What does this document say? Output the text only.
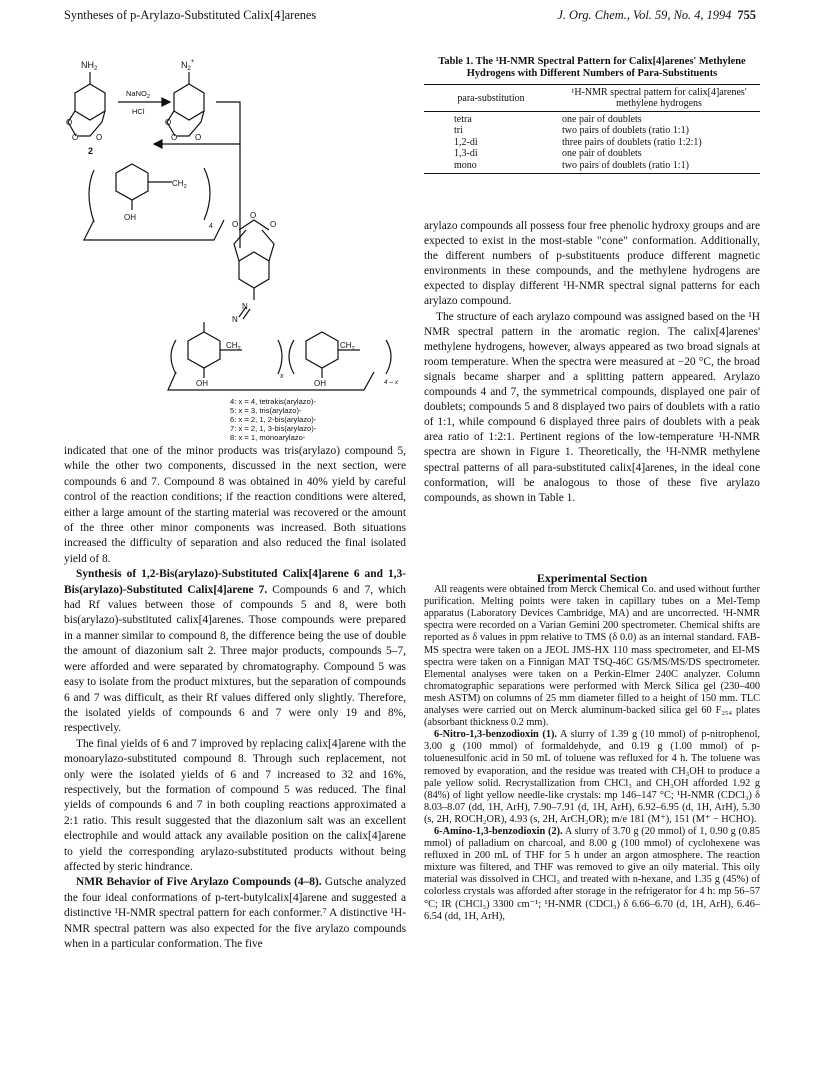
Syntheses of p-Arylazo-Substituted Calix[4]arenes	J. Org. Chem., Vol. 59, No. 4, 1994 755
$NH_2$	$N_2^+$
NaNO$_2$
HCl
O
O O
O
O O
2
$CH_2$
OH
4 O
O
O
N
N
$CH_2$	$CH_2$
OH	OH
x
4 – x
4: x = 4, tetrakis(arylazo)-
5: x = 3, tris(arylazo)-
6: x = 2, 1, 2-bis(arylazo)-
7: x = 2, 1, 3-bis(arylazo)-
8: x = 1, monoarylazo-
Table 1. The ¹H-NMR Spectral Pattern for Calix[4]arenes' Methylene Hydrogens with Different Numbers of Para-Substituents
para-substitution	¹H-NMR spectral pattern for calix[4]arenes' methylene hydrogens
tetra	one pair of doublets
tri	two pairs of doublets (ratio 1:1)
1,2-di	three pairs of doublets (ratio 1:2:1)
1,3-di	one pair of doublets
mono	two pairs of doublets (ratio 1:1)

indicated that one of the minor products was tris(arylazo) compound 5, while the other two components, discussed in the next section, were compounds 6 and 7. Compound 8 was obtained in 40% yield by careful control of the reaction conditions; if the reaction conditions were altered, either a large amount of the starting material was recovered or the amount of the three other minor components was increased. Both situations increased the difficulty of separation and also reduced the final isolated yield of 8.

Synthesis of 1,2-Bis(arylazo)-Substituted Calix[4]arene 6 and 1,3-Bis(arylazo)-Substituted Calix[4]arene 7. Compounds 6 and 7, which had Rf values between those of compounds 5 and 8, were both bis(arylazo)-substituted calix[4]arenes. Those compounds were prepared in a manner similar to compound 8, the difference being the use of double the amount of diazonium salt 2. Three major products, compounds 5–7, were afforded and were separated by chromatography. Compound 5 was easy to isolate from the product mixtures, but the separation of compounds 6 and 7 was difficult, as their Rf values differed only slightly. Therefore, the isolated yields of compounds 6 and 7 were only 19 and 8%, respectively.

The final yields of 6 and 7 improved by replacing calix[4]arene with the monoarylazo-substituted compound 8. Through such replacement, not only were the isolated yields of 6 and 7 increased to 32 and 16%, respectively, but the formation of compound 5 was reduced. The final yields of compounds 6 and 7 in both coupling reactions approximated a 2:1 ratio. This result suggested that the diazonium salt was an excellent electrophile and would attack any available position on the calix[4]arene to yield the corresponding arylazo-substituted products without being affected by steric hindrance.

NMR Behavior of Five Arylazo Compounds (4–8). Gutsche analyzed the four ideal conformations of p-tert-butylcalix[4]arene and suggested a distinctive ¹H-NMR spectral pattern for each conformer.⁷ A distinctive ¹H-NMR spectral pattern was also expected for the five arylazo compounds when in a particular conformation. The five

arylazo compounds all possess four free phenolic hydroxy groups and are expected to exist in the most-stable "cone" conformation. Additionally, the different numbers of p-substituents produce different magnetic environments in these compounds, and the methylene hydrogens are expected to display different ¹H-NMR spectral signal patterns for each arylazo compound.

The structure of each arylazo compound was assigned based on the ¹H NMR spectral pattern in the aromatic region. The calix[4]arenes' methylene hydrogens, however, always appeared as two broad signals at room temperature. When the spectra were measured at −20 °C, the broad signals became sharper and a splitting pattern appeared. Arylazo compounds 4 and 7, the symmetrical compounds, displayed one pair of doublets; compounds 5 and 8 displayed two pairs of doublets with a ratio of 1:1, while compound 6 displayed three pairs of doublets with a peak area ratio of 1:2:1. Pertinent regions of the low-temperature ¹H-NMR spectra are shown in Figure 1. Theoretically, the ¹H-NMR methylene spectral patterns of all para-substituted calix[4]arenes, in the ideal cone conformation, will be analogous to those of these five arylazo compounds, as shown in Table 1.

Experimental Section

All reagents were obtained from Merck Chemical Co. and used without further purification. Melting points were taken in capillary tubes on a Mel-Temp apparatus (Laboratory Devices Cambridge, MA) and are uncorrected. ¹H-NMR spectra were recorded on a Varian Gemini 200 spectrometer. Chemical shifts are reported as δ values in ppm relative to TMS (δ 0.0) as an internal standard. FAB-MS spectra were taken on a JEOL JMS-HX 110 mass spectrometer, and EI-MS spectra were taken on a Finnigan MAT TSQ-46C GS/MS/MS/DS spectrometer. Elemental analyses were taken on a Perkin-Elmer 240C analyzer. Column chromatographic separations were performed with Merck Silica gel (230–400 mesh ASTM) on columns of 25 mm diameter filled to a height of 150 mm. TLC analyses were carried out on Merck aluminum-backed silica gel 60 F₂₅₄ plates (absorbant thickness 0.2 mm).

6-Nitro-1,3-benzodioxin (1). A slurry of 1.39 g (10 mmol) of p-nitrophenol, 3.00 g (100 mmol) of formaldehyde, and 0.19 g (1.00 mmol) of p-toluenesulfonic acid in 50 mL of toluene was refluxed for 4 h. The toluene was removed by evaporation, and the residue was treated with CH₃OH to produce a pale yellow solid. Recrystallization from CHCl₃ and CH₃OH afforded 1.92 g (84%) of light yellow needle-like crystals: mp 146–147 °C; ¹H-NMR (CDCl₃) δ 8.03–8.07 (dd, 1H, ArH), 7.90–7.91 (d, 1H, ArH), 6.92–6.95 (d, 1H, ArH), 5.30 (s, 2H, ROCH₂OR), 4.93 (s, 2H, ArCH₂OR); m/e 181 (M⁺), 151 (M⁺ − HCHO).

6-Amino-1,3-benzodioxin (2). A slurry of 3.70 g (20 mmol) of 1, 0.90 g (0.85 mmol) of palladium on charcoal, and 8.00 g (100 mmol) of cyclohexene was refluxed in 200 mL of THF for 5 h under an argon atmosphere. The reaction mixture was filtered, and THF was removed to give an oily material. This oily material was dissolved in CHCl₃ and treated with n-hexane, and 1.35 g (45%) of colorless crystals was afforded after storage in the refrigerator for 4 h: mp 56–57 °C; IR (CHCl₃) 3300 cm⁻¹; ¹H-NMR (CDCl₃) δ 6.66–6.70 (d, 1H, ArH), 6.46–6.54 (dd, 1H, ArH),
